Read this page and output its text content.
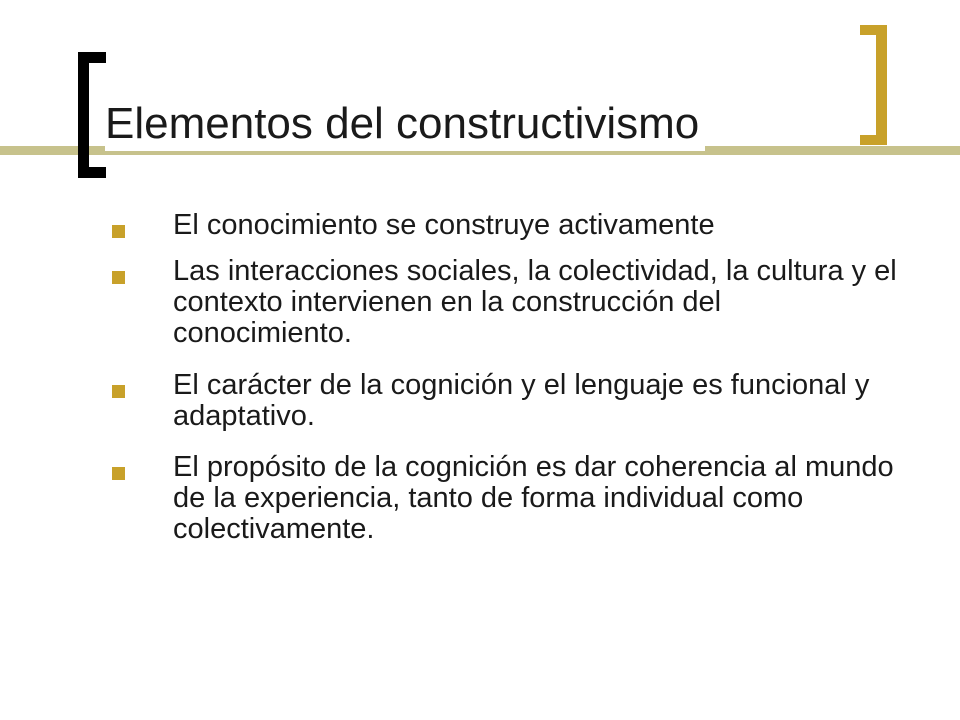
Elementos del constructivismo
El conocimiento se construye activamente
Las interacciones sociales, la colectividad, la cultura y el contexto intervienen en la construcción del conocimiento.
El carácter de la cognición y el lenguaje es funcional y adaptativo.
El propósito de la cognición es dar coherencia al mundo de la experiencia, tanto de forma individual como colectivamente.
